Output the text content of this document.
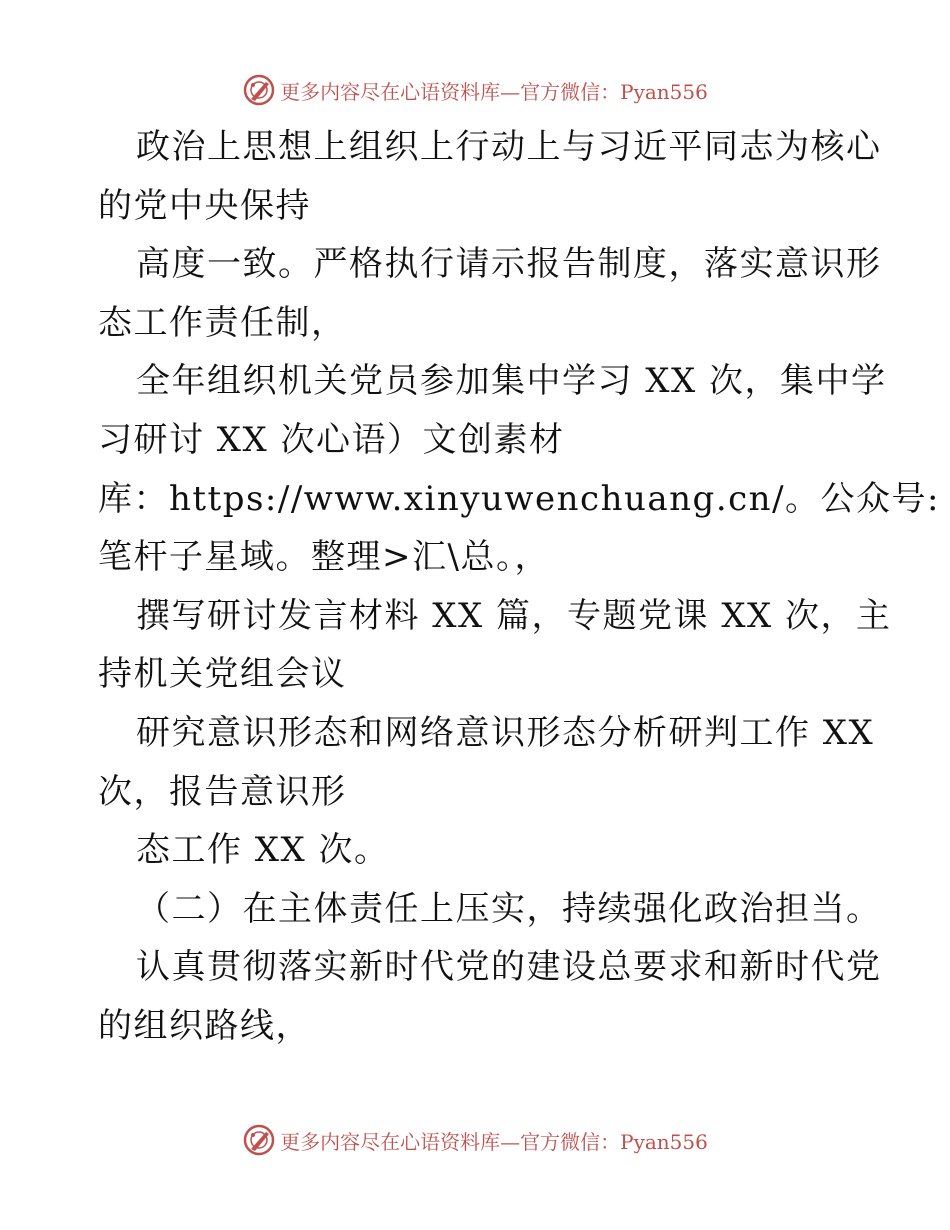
更多内容尽在心语资料库—官方微信：Pyan556
政治上思想上组织上行动上与习近平同志为核心
的党中央保持
高度一致。严格执行请示报告制度，落实意识形
态工作责任制，
全年组织机关党员参加集中学习 XX 次，集中学
习研讨 XX 次心语）文创素材
库：https://www.xinyuwenchuang.cn/。公众号:
笔杆子星域。整理>汇\总。，
撰写研讨发言材料 XX 篇，专题党课 XX 次，主
持机关党组会议
研究意识形态和网络意识形态分析研判工作 XX
次，报告意识形
态工作 XX 次。
（二）在主体责任上压实，持续强化政治担当。
认真贯彻落实新时代党的建设总要求和新时代党
的组织路线，
更多内容尽在心语资料库—官方微信：Pyan556
